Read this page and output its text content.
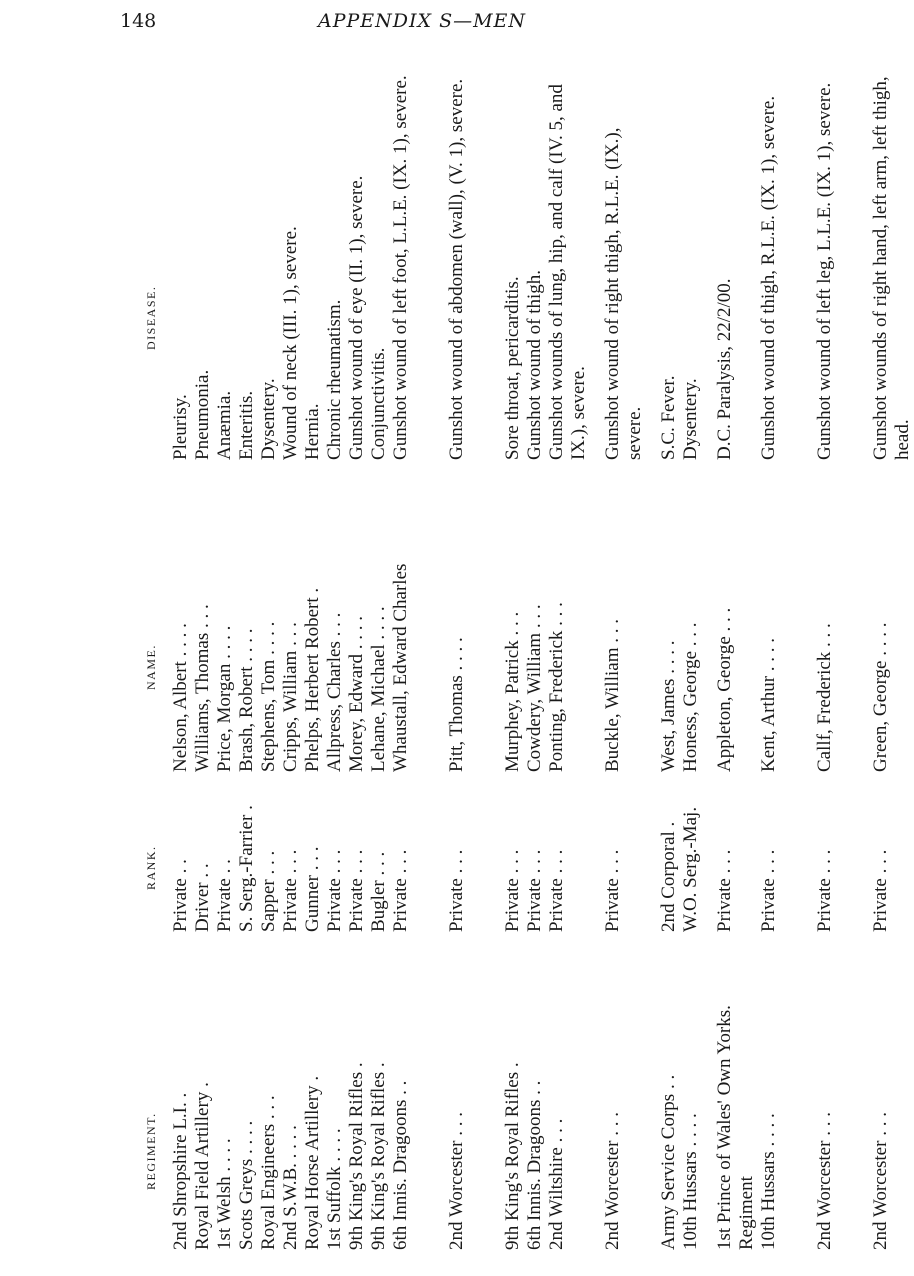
148	APPENDIX S—MEN
REGIMENT.
RANK.
NAME.
DISEASE.
2nd Shropshire L.I. .
Private . .
Nelson, Albert . . . .
Pleurisy.
Royal Field Artillery .
Driver . .
Williams, Thomas . . .
Pneumonia.
1st Welsh . . . .
Private . .
Price, Morgan . . . .
Anæmia.
Scots Greys . . . .
S. Serg.-Farrier .
Brash, Robert . . . .
Enteritis.
Royal Engineers . . .
Sapper . . .
Stephens, Tom . . . .
Dysentery.
2nd S.W.B. . . . .
Private . . .
Cripps, William . . .
Wound of neck (III. 1), severe.
Royal Horse Artillery .
Gunner . . .
Phelps, Herbert Robert .
Hernia.
1st Suffolk . . . .
Private . . .
Allpress, Charles . . .
Chronic rheumatism.
9th King's Royal Rifles .
Private . . .
Morey, Edward . . . .
Gunshot wound of eye (II. 1), severe.
9th King's Royal Rifles .
Bugler . . .
Lehane, Michael . . . .
Conjunctivitis.
6th Innis. Dragoons . .
Private . . .
Whaustall, Edward Charles
Gunshot wound of left foot, L.L.E. (IX. 1), severe.
2nd Worcester . . .
Private . . .
Pitt, Thomas . . . .
Gunshot wound of abdomen (wall), (V. 1), severe.
9th King's Royal Rifles .
Private . . .
Murphey, Patrick . . .
Sore throat, pericarditis.
6th Innis. Dragoons . .
Private . . .
Cowdery, William . . .
Gunshot wound of thigh.
2nd Wiltshire . . .
Private . . .
Ponting, Frederick . . .
Gunshot wounds of lung, hip, and calf (IV. 5, and IX.), severe.
2nd Worcester . . .
Private . . .
Buckle, William . . .
Gunshot wound of right thigh, R.L.E. (IX.), severe.
Army Service Corps . .
2nd Corporal .
West, James . . . .
S.C. Fever.
10th Hussars . . . .
W.O. Serg.-Maj.
Honess, George . . .
Dysentery.
1st Prince of Wales' Own Yorks. Regiment
Private . . .
Appleton, George . . .
D.C. Paralysis, 22/2/00.
10th Hussars . . . .
Private . . .
Kent, Arthur . . . .
Gunshot wound of thigh, R.L.E. (IX. 1), severe.
2nd Worcester . . .
Private . . .
Callf, Frederick . . .
Gunshot wound of left leg, L.L.E. (IX. 1), severe.
2nd Worcester . . .
Private . . .
Green, George . . . .
Gunshot wounds of right hand, left arm, left thigh, head.
